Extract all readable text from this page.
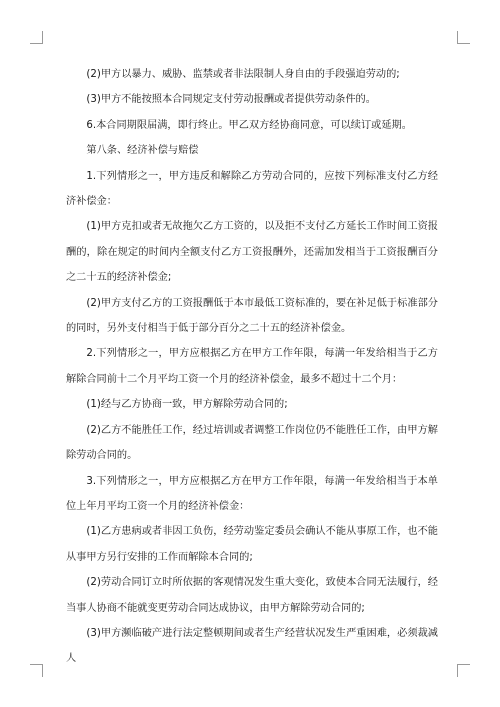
(2)甲方以暴力、威胁、监禁或者非法限制人身自由的手段强迫劳动的;

(3)甲方不能按照本合同规定支付劳动报酬或者提供劳动条件的。

6.本合同期限届满，即行终止。甲乙双方经协商同意，可以续订或延期。

第八条、经济补偿与赔偿

1.下列情形之一，甲方违反和解除乙方劳动合同的，应按下列标准支付乙方经济补偿金：

(1)甲方克扣或者无故拖欠乙方工资的，以及拒不支付乙方延长工作时间工资报酬的，除在规定的时间内全额支付乙方工资报酬外，还需加发相当于工资报酬百分之二十五的经济补偿金;

(2)甲方支付乙方的工资报酬低于本市最低工资标准的，要在补足低于标准部分的同时，另外支付相当于低于部分百分之二十五的经济补偿金。

2.下列情形之一，甲方应根据乙方在甲方工作年限，每满一年发给相当于乙方解除合同前十二个月平均工资一个月的经济补偿金，最多不超过十二个月：

(1)经与乙方协商一致，甲方解除劳动合同的;

(2)乙方不能胜任工作，经过培训或者调整工作岗位仍不能胜任工作，由甲方解除劳动合同的。

3.下列情形之一，甲方应根据乙方在甲方工作年限，每满一年发给相当于本单位上年月平均工资一个月的经济补偿金：

(1)乙方患病或者非因工负伤，经劳动鉴定委员会确认不能从事原工作，也不能从事甲方另行安排的工作而解除本合同的;

(2)劳动合同订立时所依据的客观情况发生重大变化，致使本合同无法履行，经当事人协商不能就变更劳动合同达成协议，由甲方解除劳动合同的;

(3)甲方濒临破产进行法定整顿期间或者生产经营状况发生严重困难，必须裁减人
